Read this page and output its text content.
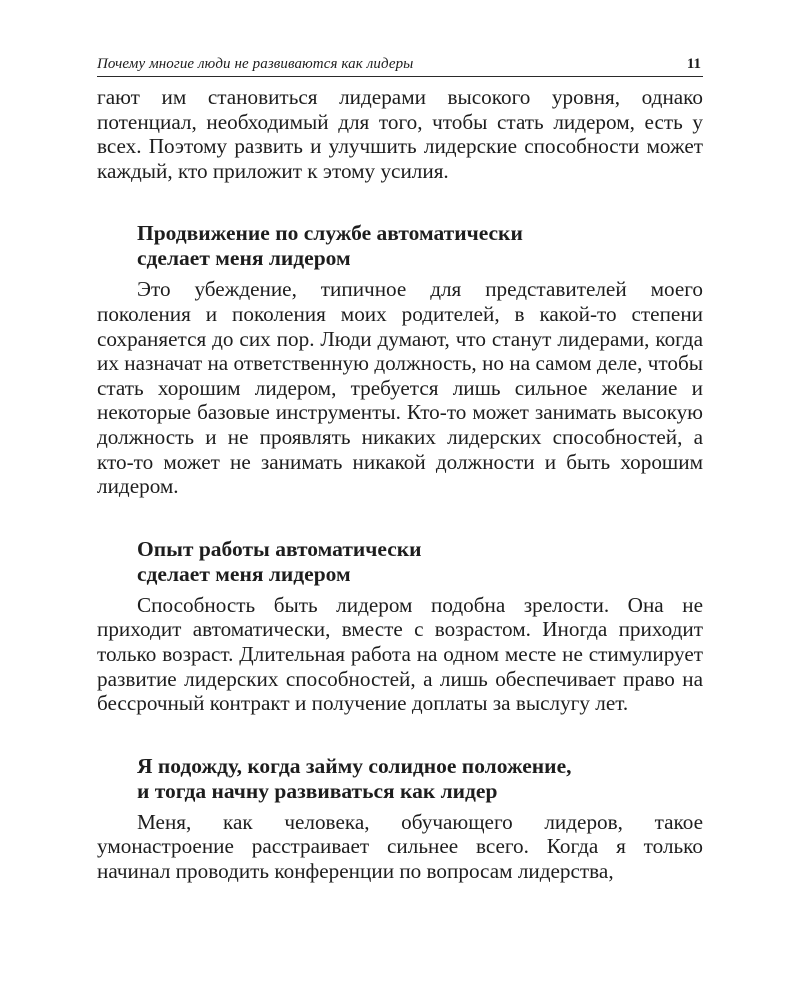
Почему многие люди не развиваются как лидеры	11

гают им становиться лидерами высокого уровня, однако потенциал, необходимый для того, чтобы стать лидером, есть у всех. Поэтому развить и улучшить лидерские способности может каждый, кто приложит к этому усилия.

Продвижение по службе автоматически
сделает меня лидером

Это убеждение, типичное для представителей моего поколения и поколения моих родителей, в какой-то степени сохраняется до сих пор. Люди думают, что станут лидерами, когда их назначат на ответственную должность, но на самом деле, чтобы стать хорошим лидером, требуется лишь сильное желание и некоторые базовые инструменты. Кто-то может занимать высокую должность и не проявлять никаких лидерских способностей, а кто-то может не занимать никакой должности и быть хорошим лидером.

Опыт работы автоматически
сделает меня лидером

Способность быть лидером подобна зрелости. Она не приходит автоматически, вместе с возрастом. Иногда приходит только возраст. Длительная работа на одном месте не стимулирует развитие лидерских способностей, а лишь обеспечивает право на бессрочный контракт и получение доплаты за выслугу лет.

Я подожду, когда займу солидное положение,
и тогда начну развиваться как лидер

Меня, как человека, обучающего лидеров, такое умонастроение расстраивает сильнее всего. Когда я только начинал проводить конференции по вопросам лидерства,
